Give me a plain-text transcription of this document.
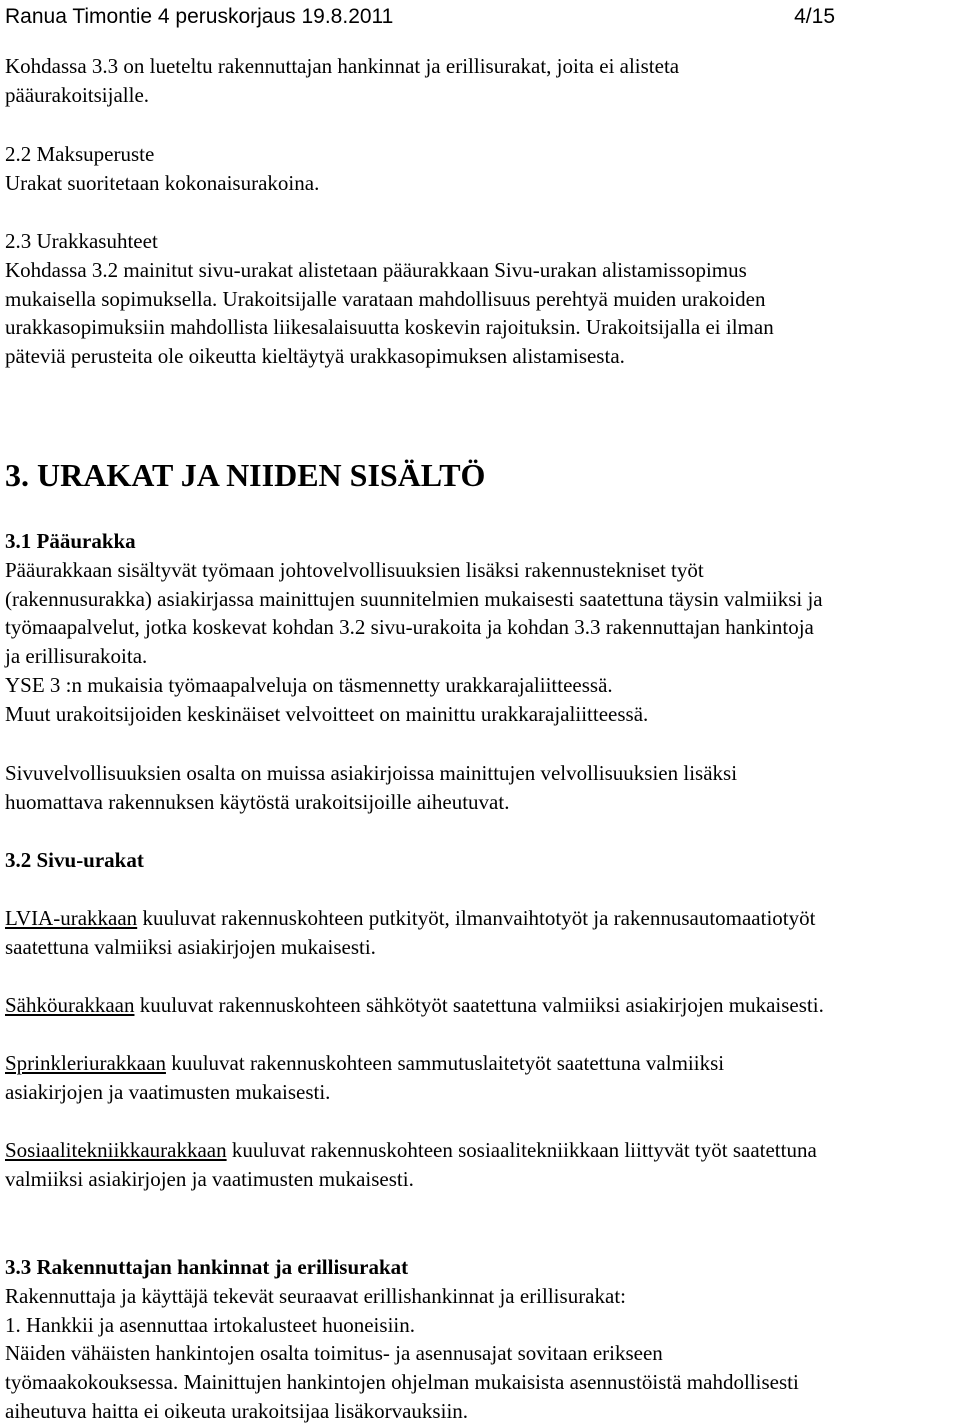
Ranua Timontie 4 peruskorjaus 19.8.2011	4/15
Kohdassa 3.3 on lueteltu rakennuttajan hankinnat ja erillisurakat, joita ei alisteta
pääurakoitsijalle.
2.2 Maksuperuste
Urakat suoritetaan kokonaisurakoina.
2.3 Urakkasuhteet
Kohdassa 3.2 mainitut sivu-urakat alistetaan pääurakkaan Sivu-urakan alistamissopimus
mukaisella sopimuksella. Urakoitsijalle varataan mahdollisuus perehtyä muiden urakoiden
urakkasopimuksiin mahdollista liikesalaisuutta koskevin rajoituksin. Urakoitsijalla ei ilman
päteviä perusteita ole oikeutta kieltäytyä urakkasopimuksen alistamisesta.
3. URAKAT JA NIIDEN SISÄLTÖ
3.1 Pääurakka
Pääurakkaan sisältyvät työmaan johtovelvollisuuksien lisäksi rakennustekniset työt
(rakennusurakka) asiakirjassa mainittujen suunnitelmien mukaisesti saatettuna täysin valmiiksi ja
työmaapalvelut, jotka koskevat kohdan 3.2 sivu-urakoita ja kohdan 3.3 rakennuttajan hankintoja
ja erillisurakoita.
YSE 3 :n mukaisia työmaapalveluja on täsmennetty urakkarajaliitteessä.
Muut urakoitsijoiden keskinäiset velvoitteet on mainittu urakkarajaliitteessä.
Sivuvelvollisuuksien osalta on muissa asiakirjoissa mainittujen velvollisuuksien lisäksi
huomattava rakennuksen käytöstä urakoitsijoille aiheutuvat.
3.2 Sivu-urakat
LVIA-urakkaan kuuluvat rakennuskohteen putkityöt, ilmanvaihtotyöt ja rakennusautomaatiotyöt
saatettuna valmiiksi asiakirjojen mukaisesti.
Sähköurakkaan kuuluvat rakennuskohteen sähkötyöt saatettuna valmiiksi asiakirjojen mukaisesti.
Sprinkleriurakkaan kuuluvat rakennuskohteen sammutuslaitetyöt saatettuna valmiiksi
asiakirjojen ja vaatimusten mukaisesti.
Sosiaalitekniikkaurakkaan kuuluvat rakennuskohteen sosiaalitekniikkaan liittyvät työt saatettuna
valmiiksi asiakirjojen ja vaatimusten mukaisesti.
3.3 Rakennuttajan hankinnat ja erillisurakat
Rakennuttaja ja käyttäjä tekevät seuraavat erillishankinnat ja erillisurakat:
1. Hankkii ja asennuttaa irtokalusteet huoneisiin.
Näiden vähäisten hankintojen osalta toimitus- ja asennusajat sovitaan erikseen
työmaakokouksessa. Mainittujen hankintojen ohjelman mukaisista asennustöistä mahdollisesti
aiheutuva haitta ei oikeuta urakoitsijaa lisäkorvauksiin.
